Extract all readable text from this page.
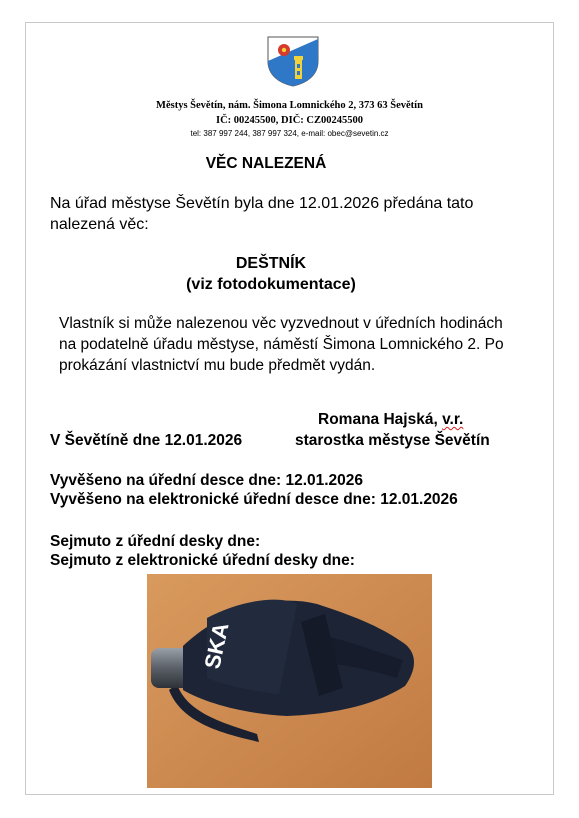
Městys Ševětín, nám. Šimona Lomnického 2, 373 63 Ševětín
IČ: 00245500, DIČ: CZ00245500
tel: 387 997 244, 387 997 324, e-mail: obec@sevetin.cz
VĚC NALEZENÁ
Na úřad městyse Ševětín byla dne 12.01.2026 předána tato nalezená věc:
DEŠTNÍK
(viz fotodokumentace)
Vlastník si může nalezenou věc vyzvednout v úředních hodinách na podatelně úřadu městyse, náměstí Šimona Lomnického 2. Po prokázání vlastnictví mu bude předmět vydán.
Romana Hajská, v.r.
V Ševětíně dne 12.01.2026	starostka městyse Ševětín
Vyvěšeno na úřední desce dne: 12.01.2026
Vyvěšeno na elektronické úřední desce dne: 12.01.2026
Sejmuto z úřední desky dne:
Sejmuto z elektronické úřední desky dne:
SKA
